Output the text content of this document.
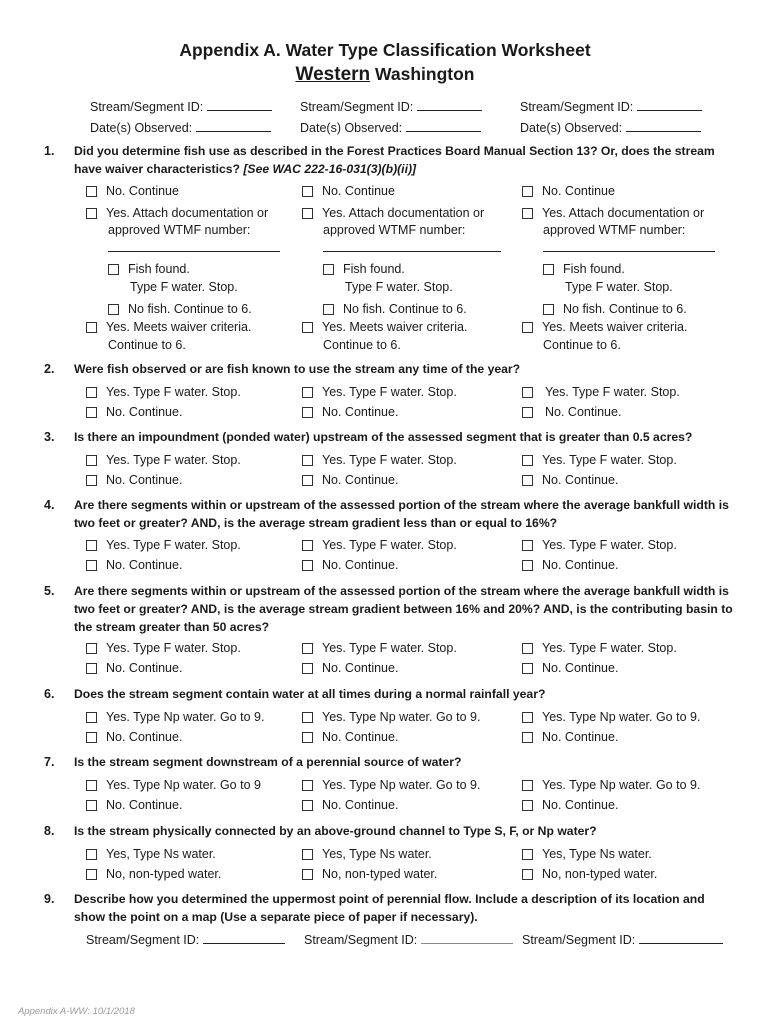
Appendix A. Water Type Classification Worksheet
Western Washington
Stream/Segment ID:	Stream/Segment ID:	Stream/Segment ID:
Date(s) Observed:	Date(s) Observed:	Date(s) Observed:
1. Did you determine fish use as described in the Forest Practices Board Manual Section 13? Or, does the stream have waiver characteristics? [See WAC 222-16-031(3)(b)(ii)]
No. Continue
Yes. Attach documentation or
approved WTMF number:
Fish found.
Type F water. Stop.
No fish. Continue to 6.
Yes. Meets waiver criteria.
Continue to 6.
No. Continue
Yes. Attach documentation or
approved WTMF number:
Fish found.
Type F water. Stop.
No fish. Continue to 6.
Yes. Meets waiver criteria.
Continue to 6.
No. Continue
Yes. Attach documentation or
approved WTMF number:
Fish found.
Type F water. Stop.
No fish. Continue to 6.
Yes. Meets waiver criteria.
Continue to 6.
2. Were fish observed or are fish known to use the stream any time of the year?
Yes. Type F water. Stop.
No. Continue.
Yes. Type F water. Stop.
No. Continue.
Yes. Type F water. Stop.
No. Continue.
3. Is there an impoundment (ponded water) upstream of the assessed segment that is greater than 0.5 acres?
Yes. Type F water. Stop.
No. Continue.
Yes. Type F water. Stop.
No. Continue.
Yes. Type F water. Stop.
No. Continue.
4. Are there segments within or upstream of the assessed portion of the stream where the average bankfull width is two feet or greater? AND, is the average stream gradient less than or equal to 16%?
Yes. Type F water. Stop.
No. Continue.
Yes. Type F water. Stop.
No. Continue.
Yes. Type F water. Stop.
No. Continue.
5. Are there segments within or upstream of the assessed portion of the stream where the average bankfull width is two feet or greater? AND, is the average stream gradient between 16% and 20%? AND, is the contributing basin to the stream greater than 50 acres?
Yes. Type F water. Stop.
No. Continue.
Yes. Type F water. Stop.
No. Continue.
Yes. Type F water. Stop.
No. Continue.
6. Does the stream segment contain water at all times during a normal rainfall year?
Yes. Type Np water. Go to 9.
No. Continue.
Yes. Type Np water. Go to 9.
No. Continue.
Yes. Type Np water. Go to 9.
No. Continue.
7. Is the stream segment downstream of a perennial source of water?
Yes. Type Np water. Go to 9
No. Continue.
Yes. Type Np water. Go to 9.
No. Continue.
Yes. Type Np water. Go to 9.
No. Continue.
8. Is the stream physically connected by an above-ground channel to Type S, F, or Np water?
Yes, Type Ns water.
No, non-typed water.
Yes, Type Ns water.
No, non-typed water.
Yes, Type Ns water.
No, non-typed water.
9. Describe how you determined the uppermost point of perennial flow. Include a description of its location and show the point on a map (Use a separate piece of paper if necessary).
Stream/Segment ID:	Stream/Segment ID:	Stream/Segment ID:
Appendix A-WW: 10/1/2018
